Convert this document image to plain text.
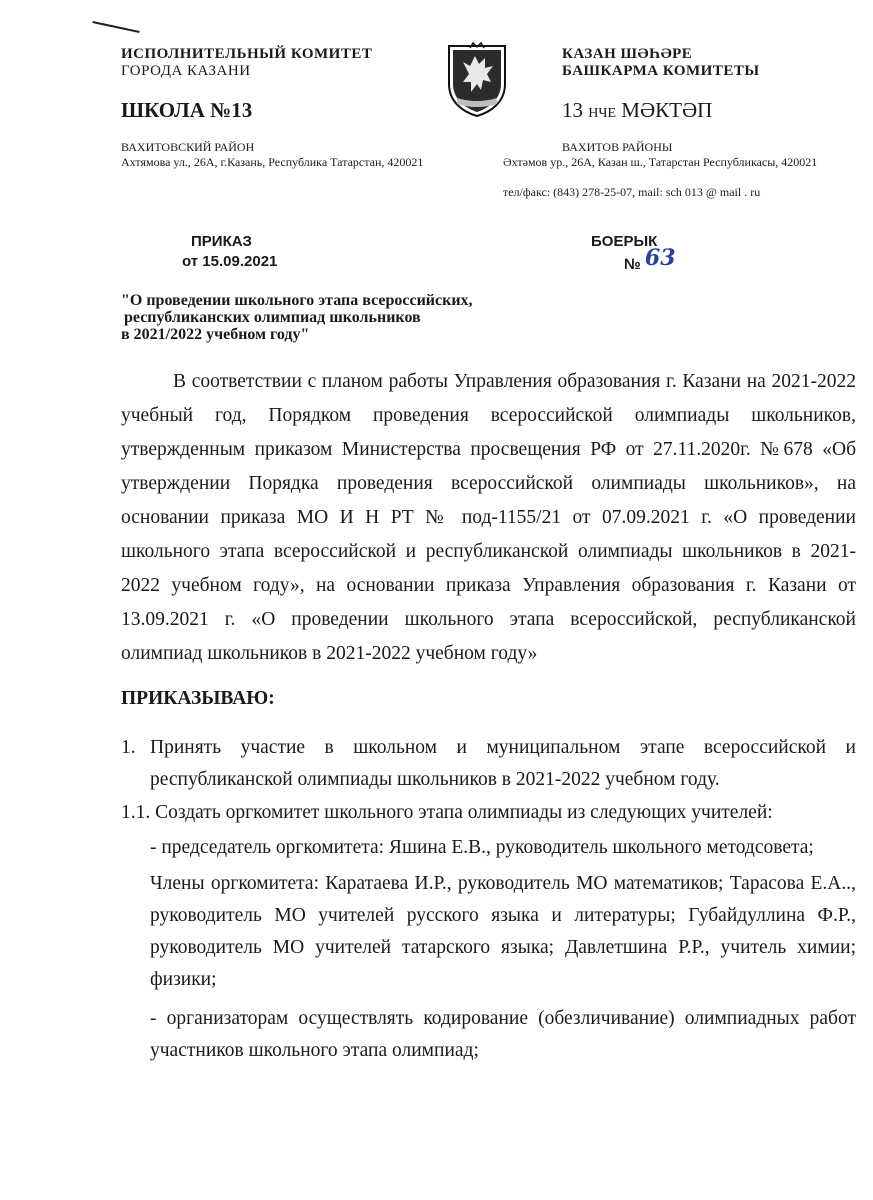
ИСПОЛНИТЕЛЬНЫЙ КОМИТЕТ
ГОРОДА КАЗАНИ
КАЗАН ШӘҺӘРЕ
БАШКАРМА КОМИТЕТЫ
ШКОЛА №13	13 НЧЕ МӘКТӘП
ВАХИТОВСКИЙ РАЙОН
Ахтямова ул., 26А, г.Казань, Республика Татарстан, 420021
ВАХИТОВ РАЙОНЫ
Әхтәмов ур., 26А, Казан ш., Татарстан Республикасы, 420021
тел/факс: (843) 278-25-07, mail: sch 013 @ mail . ru
ПРИКАЗ
от 15.09.2021
БОЕРЫК
№ 63
"О проведении школьного этапа всероссийских,
республиканских олимпиад школьников
в 2021/2022 учебном году"
В соответствии с планом работы Управления образования г. Казани на 2021-2022 учебный год, Порядком проведения всероссийской олимпиады школьников, утвержденным приказом Министерства просвещения РФ от 27.11.2020г. №678 «Об утверждении Порядка проведения всероссийской олимпиады школьников», на основании приказа МО И Н РТ № под-1155/21 от 07.09.2021 г. «О проведении школьного этапа всероссийской и республиканской олимпиады школьников в 2021-2022 учебном году», на основании приказа Управления образования г. Казани от 13.09.2021 г. «О проведении школьного этапа всероссийской, республиканской олимпиад школьников в 2021-2022 учебном году»
ПРИКАЗЫВАЮ:
1. Принять участие в школьном и муниципальном этапе всероссийской и республиканской олимпиады школьников в 2021-2022 учебном году.
1.1. Создать оргкомитет школьного этапа олимпиады из следующих учителей:
- председатель оргкомитета: Яшина Е.В., руководитель школьного методсовета;
Члены оргкомитета: Каратаева И.Р., руководитель МО математиков; Тарасова Е.А.., руководитель МО учителей русского языка и литературы; Губайдуллина Ф.Р., руководитель МО учителей татарского языка; Давлетшина Р.Р., учитель химии; физики;
- организаторам осуществлять кодирование (обезличивание) олимпиадных работ участников школьного этапа олимпиад;
